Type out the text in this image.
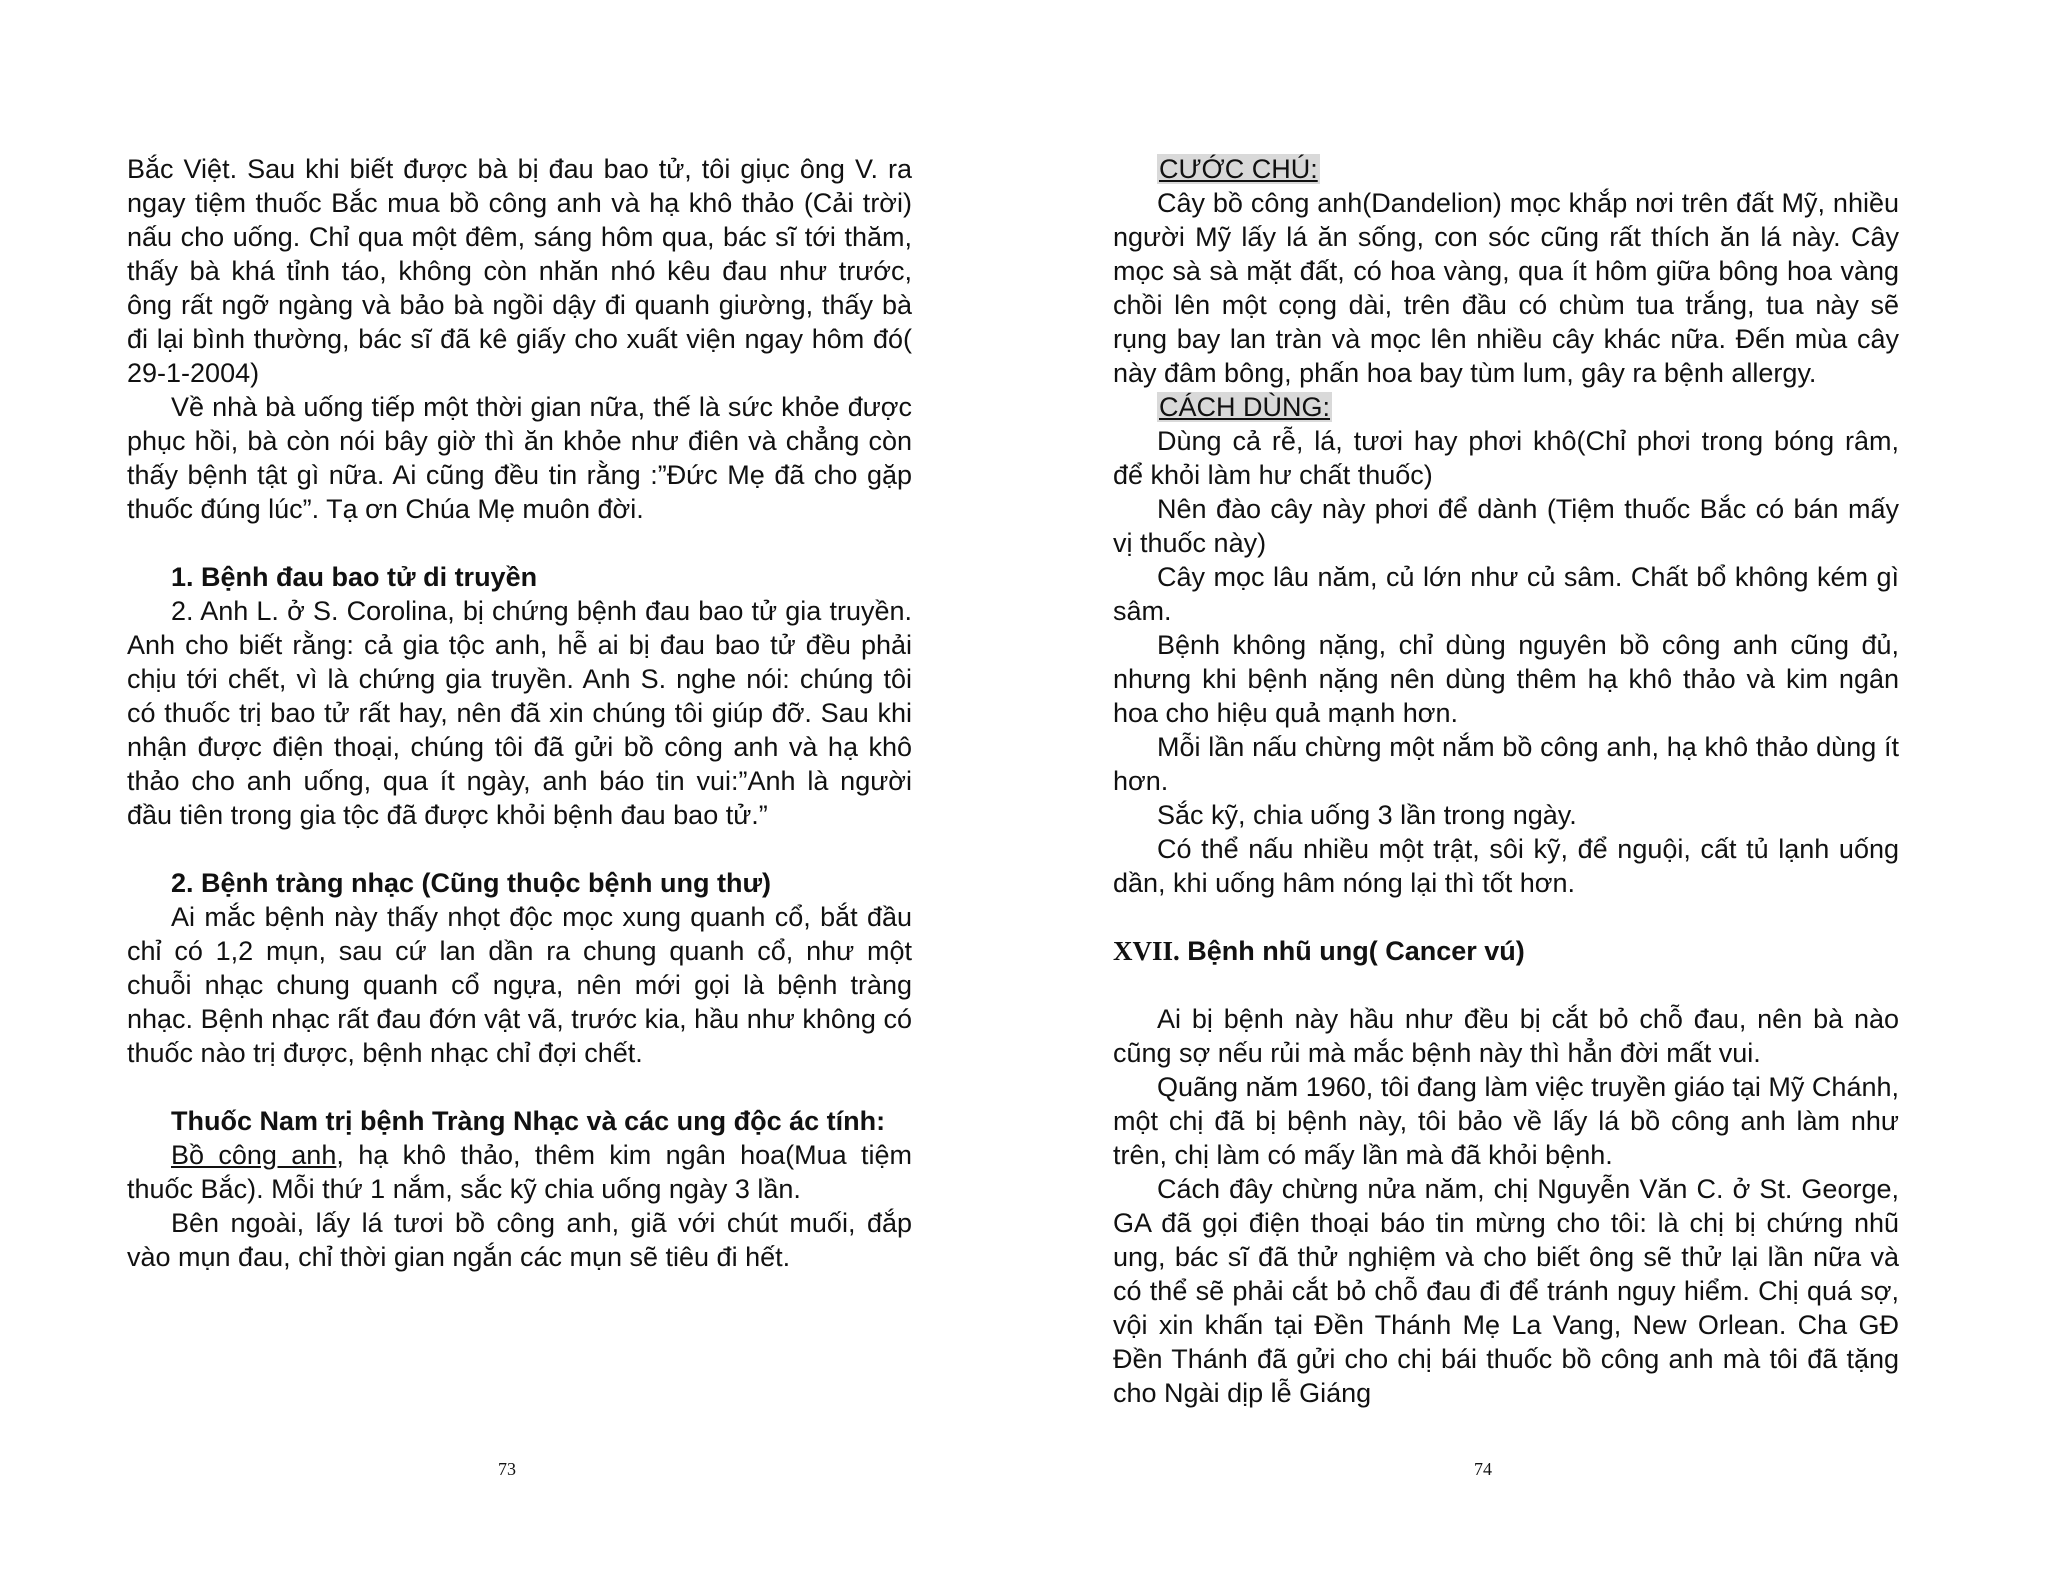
Bắc Việt. Sau khi biết được bà bị đau bao tử, tôi giục ông V. ra ngay tiệm thuốc Bắc mua bồ công anh và hạ khô thảo (Cải trời) nấu cho uống. Chỉ qua một đêm, sáng hôm qua, bác sĩ tới thăm, thấy bà khá tỉnh táo, không còn nhăn nhó kêu đau như trước, ông rất ngỡ ngàng và bảo bà ngồi dậy đi quanh giường, thấy bà đi lại bình thường, bác sĩ đã kê giấy cho xuất viện ngay hôm đó( 29-1-2004)

Về nhà bà uống tiếp một thời gian nữa, thế là sức khỏe được phục hồi, bà còn nói bây giờ thì ăn khỏe như điên và chẳng còn thấy bệnh tật gì nữa. Ai cũng đều tin rằng :”Đức Mẹ đã cho gặp thuốc đúng lúc”. Tạ ơn Chúa Mẹ muôn đời.

1. Bệnh đau bao tử di truyền

2. Anh L. ở S. Corolina, bị chứng bệnh đau bao tử gia truyền. Anh cho biết rằng: cả gia tộc anh, hễ ai bị đau bao tử đều phải chịu tới chết, vì là chứng gia truyền. Anh S. nghe nói: chúng tôi có thuốc trị bao tử rất hay, nên đã xin chúng tôi giúp đỡ. Sau khi nhận được điện thoại, chúng tôi đã gửi bồ công anh và hạ khô thảo cho anh uống, qua ít ngày, anh báo tin vui:”Anh là người đầu tiên trong gia tộc đã được khỏi bệnh đau bao tử.”

2. Bệnh tràng nhạc (Cũng thuộc bệnh ung thư)

Ai mắc bệnh này thấy nhọt độc mọc xung quanh cổ, bắt đầu chỉ có 1,2 mụn, sau cứ lan dần ra chung quanh cổ, như một chuỗi nhạc chung quanh cổ ngựa, nên mới gọi là bệnh tràng nhạc. Bệnh nhạc rất đau đớn vật vã, trước kia, hầu như không có thuốc nào trị được, bệnh nhạc chỉ đợi chết.

Thuốc Nam trị bệnh Tràng Nhạc và các ung độc ác tính:

Bồ công anh, hạ khô thảo, thêm kim ngân hoa(Mua tiệm thuốc Bắc). Mỗi thứ 1 nắm, sắc kỹ chia uống ngày 3 lần.

Bên ngoài, lấy lá tươi bồ công anh, giã với chút muối, đắp vào mụn đau, chỉ thời gian ngắn các mụn sẽ tiêu đi hết.

73

CƯỚC CHÚ:

Cây bồ công anh(Dandelion) mọc khắp nơi trên đất Mỹ, nhiều người Mỹ lấy lá ăn sống, con sóc cũng rất thích ăn lá này. Cây mọc sà sà mặt đất, có hoa vàng, qua ít hôm giữa bông hoa vàng chồi lên một cọng dài, trên đầu có chùm tua trắng, tua này sẽ rụng bay lan tràn và mọc lên nhiều cây khác nữa. Đến mùa cây này đâm bông, phấn hoa bay tùm lum, gây ra bệnh allergy.

CÁCH DÙNG:

Dùng cả rễ, lá, tươi hay phơi khô(Chỉ phơi trong bóng râm, để khỏi làm hư chất thuốc)

Nên đào cây này phơi để dành (Tiệm thuốc Bắc có bán mấy vị thuốc này)

Cây mọc lâu năm, củ lớn như củ sâm. Chất bổ không kém gì sâm.

Bệnh không nặng, chỉ dùng nguyên bồ công anh cũng đủ, nhưng khi bệnh nặng nên dùng thêm hạ khô thảo và kim ngân hoa cho hiệu quả mạnh hơn.

Mỗi lần nấu chừng một nắm bồ công anh, hạ khô thảo dùng ít hơn.

Sắc kỹ, chia uống 3 lần trong ngày.

Có thể nấu nhiều một trật, sôi kỹ, để nguội, cất tủ lạnh uống dần, khi uống hâm nóng lại thì tốt hơn.

XVII. Bệnh nhũ ung( Cancer vú)

Ai bị bệnh này hầu như đều bị cắt bỏ chỗ đau, nên bà nào cũng sợ nếu rủi mà mắc bệnh này thì hẳn đời mất vui.

Quãng năm 1960, tôi đang làm việc truyền giáo tại Mỹ Chánh, một chị đã bị bệnh này, tôi bảo về lấy lá bồ công anh làm như trên, chị làm có mấy lần mà đã khỏi bệnh.

Cách đây chừng nửa năm, chị Nguyễn Văn C. ở St. George, GA đã gọi điện thoại báo tin mừng cho tôi: là chị bị chứng nhũ ung, bác sĩ đã thử nghiệm và cho biết ông sẽ thử lại lần nữa và có thể sẽ phải cắt bỏ chỗ đau đi để tránh nguy hiểm. Chị quá sợ, vội xin khấn tại Đền Thánh Mẹ La Vang, New Orlean. Cha GĐ Đền Thánh đã gửi cho chị bái thuốc bồ công anh mà tôi đã tặng cho Ngài dịp lễ Giáng

74
